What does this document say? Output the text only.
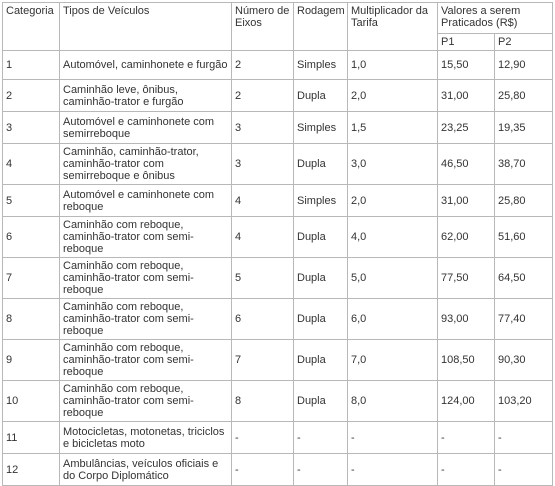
Categoria	Tipos de Veículos	Número de Eixos	Rodagem	Multiplicador da Tarifa	Valores a serem Praticados (R$)	
					P1	P2
1	Automóvel, caminhonete e furgão	2	Simples	1,0	15,50	12,90
2	Caminhão leve, ônibus, caminhão-trator e furgão	2	Dupla	2,0	31,00	25,80
3	Automóvel e caminhonete com semirreboque	3	Simples	1,5	23,25	19,35
4	Caminhão, caminhão-trator, caminhão-trator com semirreboque e ônibus	3	Dupla	3,0	46,50	38,70
5	Automóvel e caminhonete com reboque	4	Simples	2,0	31,00	25,80
6	Caminhão com reboque, caminhão-trator com semi-reboque	4	Dupla	4,0	62,00	51,60
7	Caminhão com reboque, caminhão-trator com semi-reboque	5	Dupla	5,0	77,50	64,50
8	Caminhão com reboque, caminhão-trator com semi-reboque	6	Dupla	6,0	93,00	77,40
9	Caminhão com reboque, caminhão-trator com semi-reboque	7	Dupla	7,0	108,50	90,30
10	Caminhão com reboque, caminhão-trator com semi-reboque	8	Dupla	8,0	124,00	103,20
11	Motocicletas, motonetas, triciclos e bicicletas moto	-	-	-	-	-
12	Ambulâncias, veículos oficiais e do Corpo Diplomático	-	-	-	-	-
